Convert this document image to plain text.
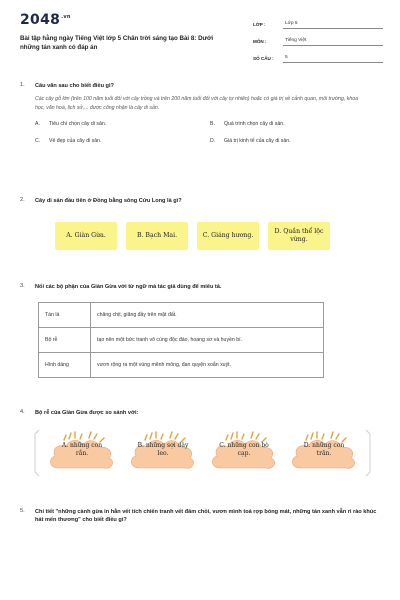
$2048^{.vn}$
Bài tập hằng ngày Tiếng Việt lớp 5 Chân trời sáng tạo Bài 8: Dưới những tán xanh có đáp án
LỚP :	Lớp 5
MÔN :	Tiếng Việt
SỐ CÂU :	5
1.	Câu văn sau cho biết điều gì?
Các cây gỗ lớn (trên 100 năm tuổi đối với cây trồng và trên 200 năm tuổi đối với cây tự nhiên) hoặc có giá trị về cảnh quan, môi trường, khoa học, văn hoá, lịch sử,... được công nhận là cây di sản.
A. Tiêu chí chọn cây di sản.	B. Quá trình chọn cây di sản.
C. Vẻ đẹp của cây di sản.	D. Giá trị kinh tế của cây di sản.
2.	Cây di sản đầu tiên ở Đồng bằng sông Cửu Long là gì?
A. Giàn Gừa.	B. Bạch Mai.	C. Giáng hương.
D. Quần thể lộc vừng.
3.	Nối các bộ phận của Giàn Gừa với từ ngữ mà tác giả dùng để miêu tả.
Tán lá	chăng chịt, giăng đầy trên mặt đất.
Bộ rễ	tạo nên một bức tranh vô cùng độc đáo, hoang sơ và huyền bí.
Hình dáng	vươn rộng ra một vùng mênh mông, đan quyện xoắn xuýt.
4.	Bộ rễ của Giàn Gừa được so sánh với:
A. những con rắn.
B. những sợi dây leo.
C. những con bò cạp.
D. những con trăn.
5.	Chi tiết "những cành gừa in hằn vết tích chiến tranh vết đâm chồi, vươn mình toả rợp bóng mát, những tán xanh vẫn rì rào khúc hát mến thương" cho biết điều gì?
